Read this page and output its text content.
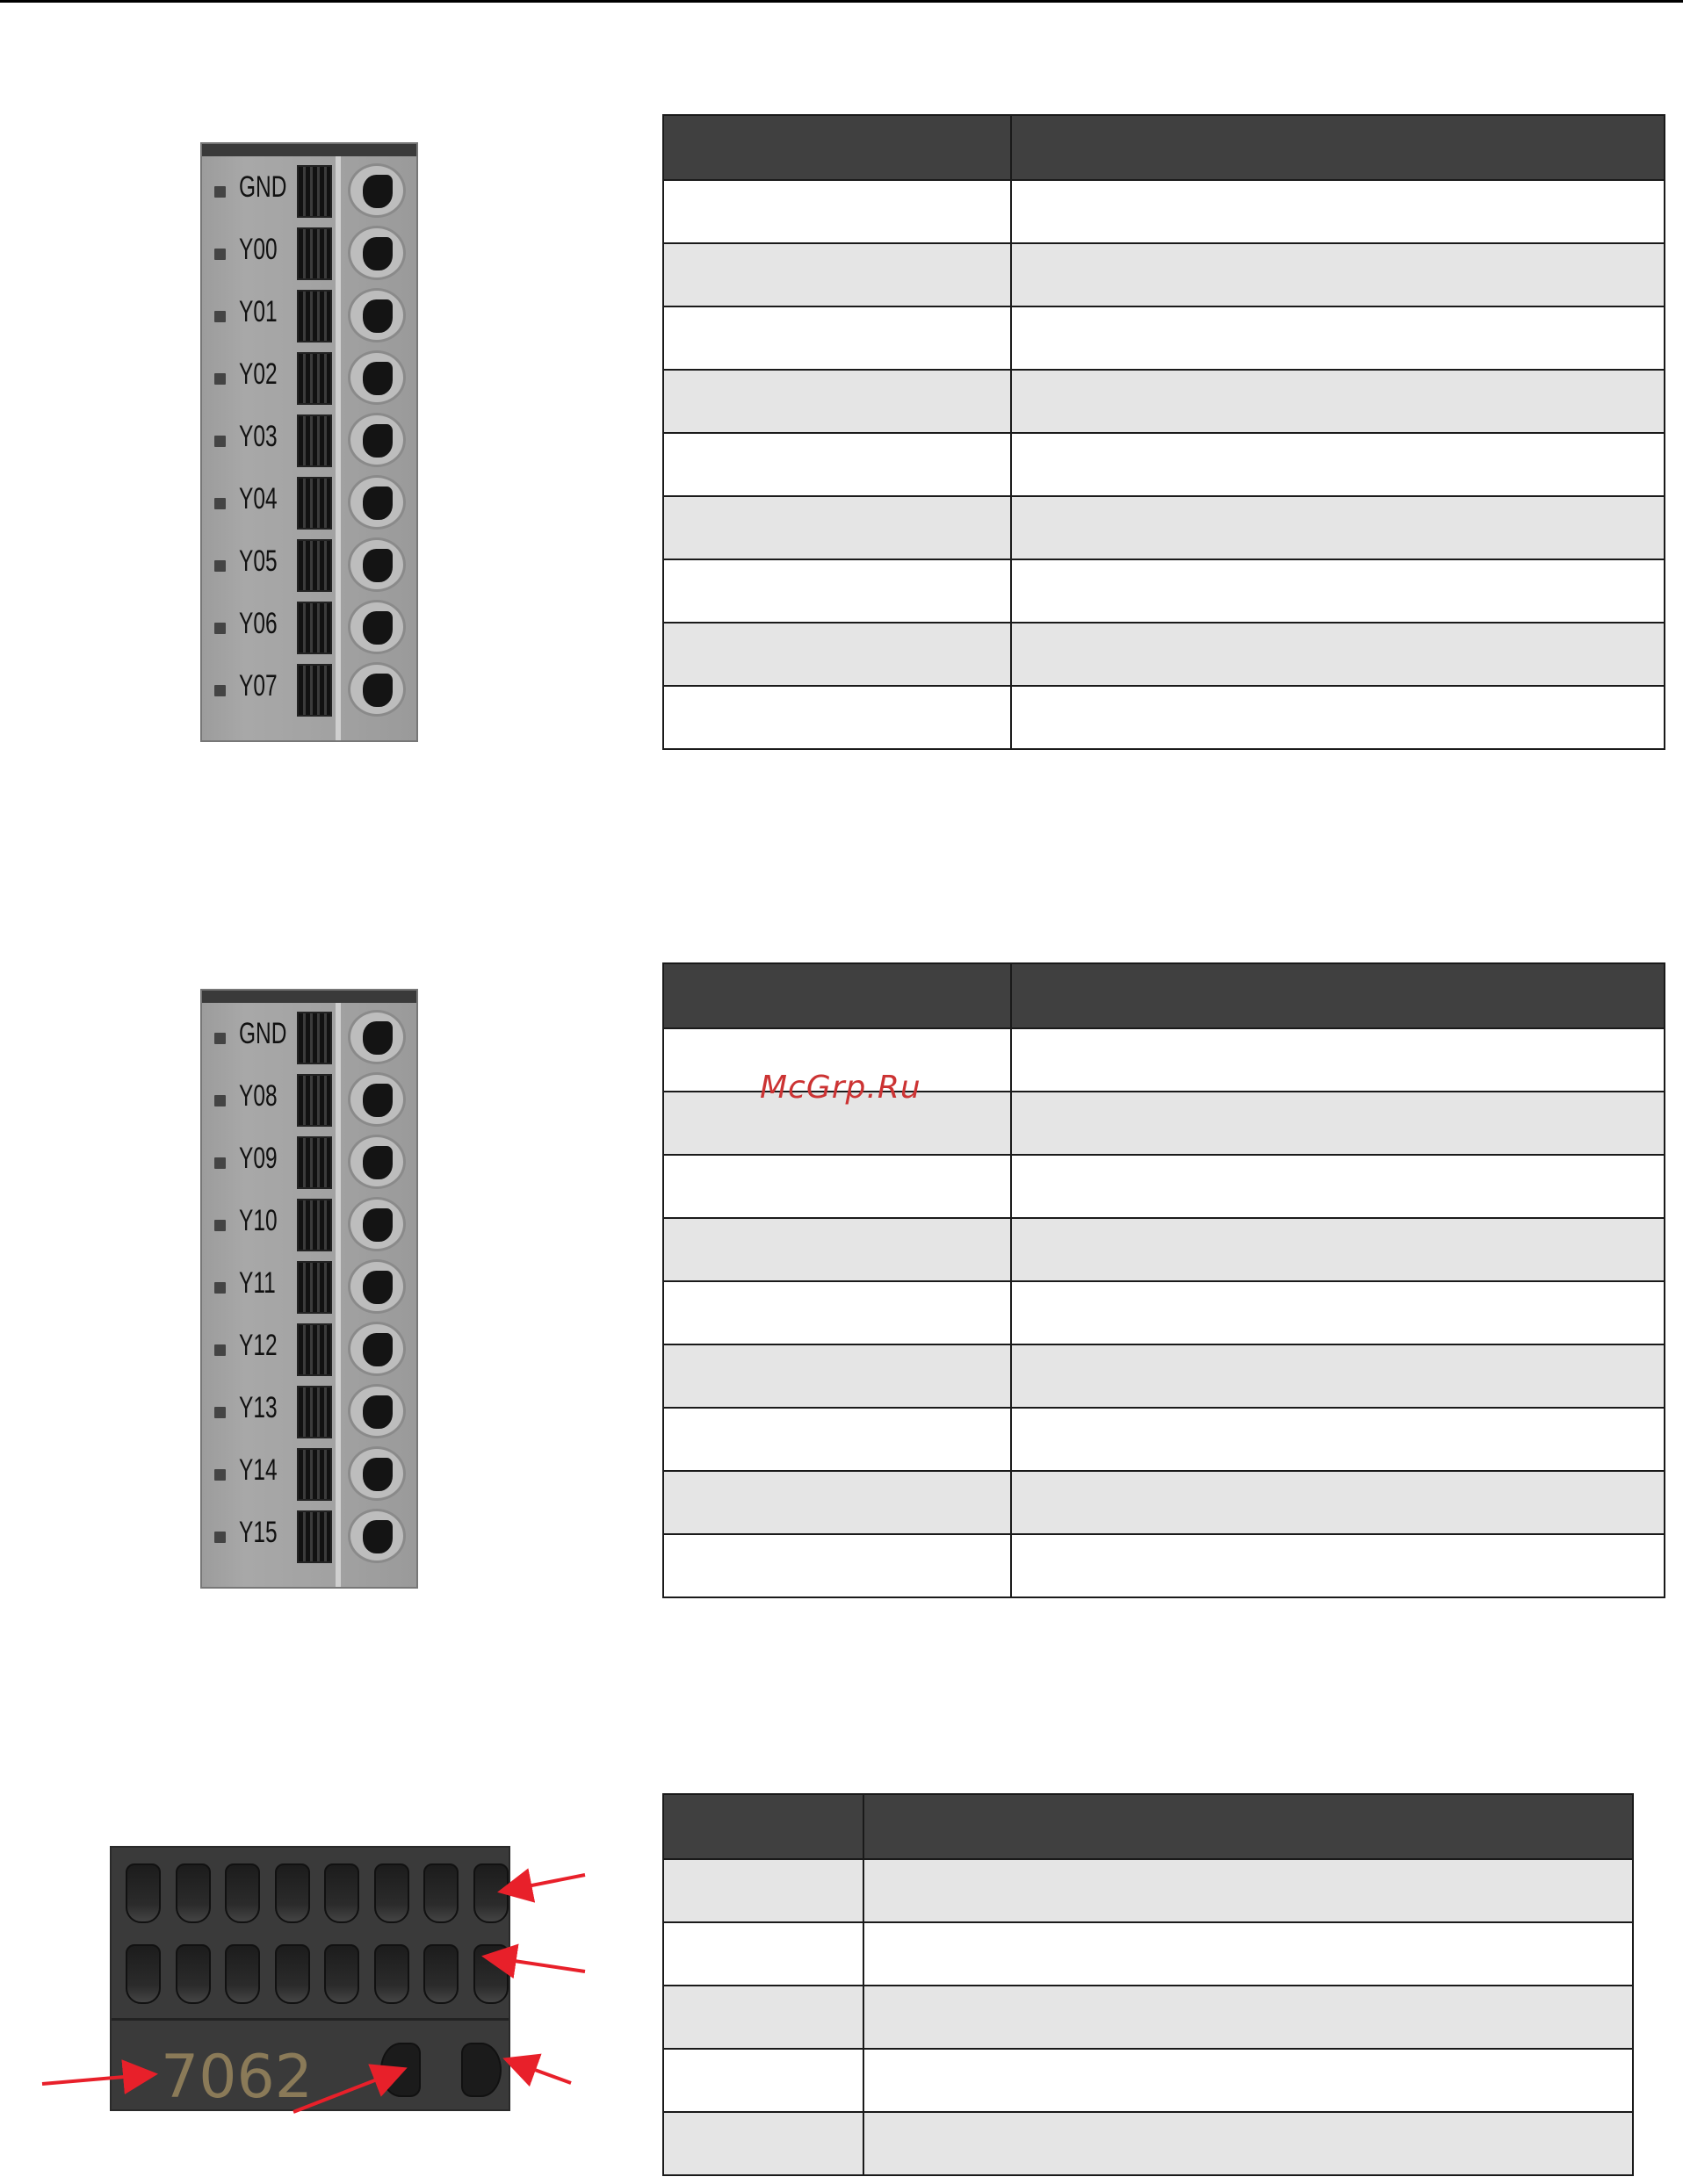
GND
Y00
Y01
Y02
Y03
Y04
Y05
Y06
Y07
GND
Y08
Y09
Y10
Y11
Y12
Y13
Y14
Y15

McGrp.Ru
7062
